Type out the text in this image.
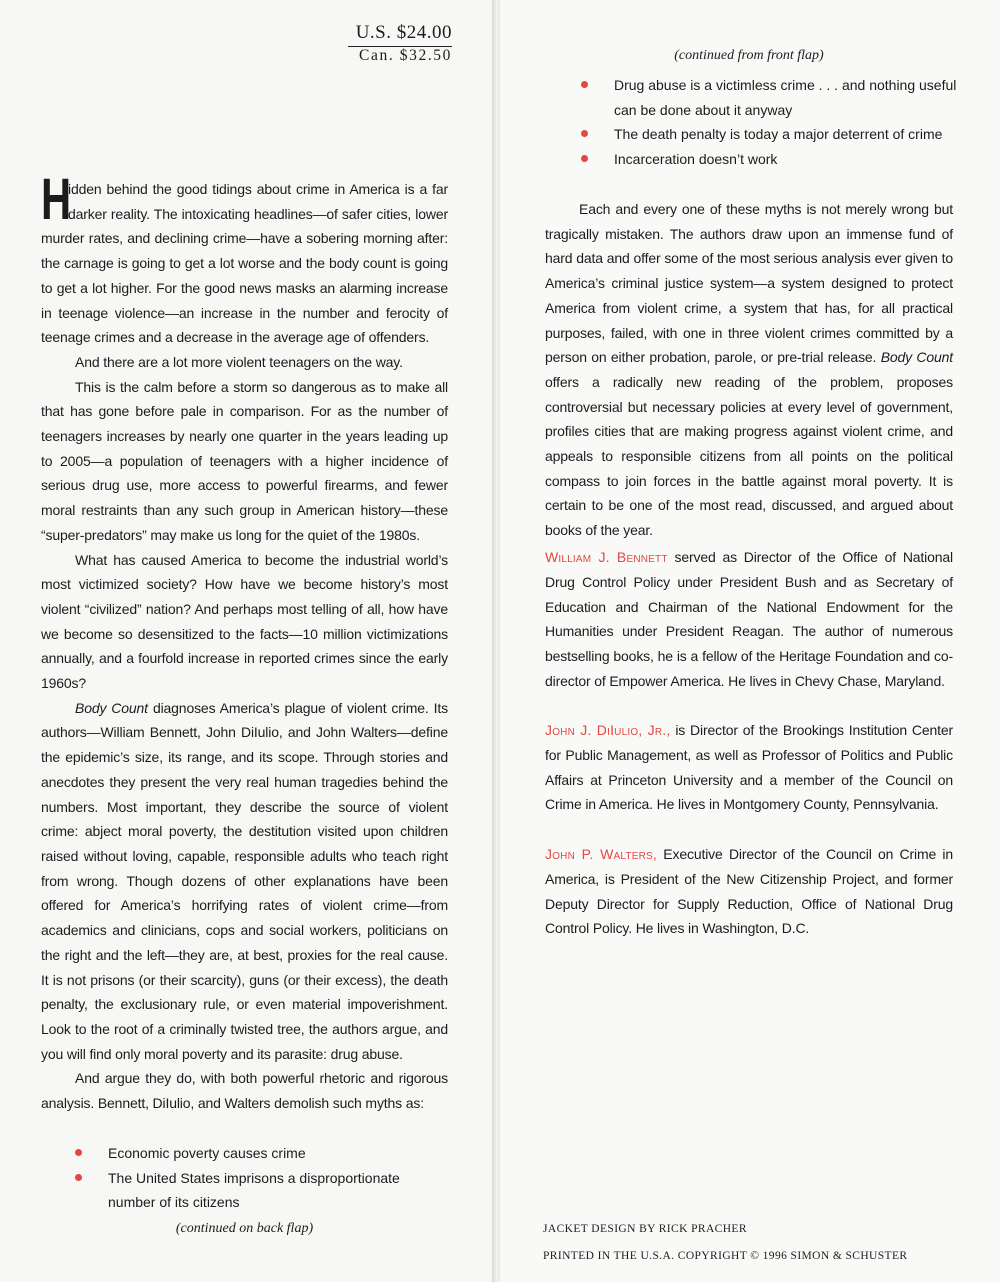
U.S. $24.00
Can. $32.50

H
idden behind the good tidings about crime in America is a far darker reality. The intoxicating headlines—of safer cities, lower murder rates, and declining crime—have a sobering morning after: the carnage is going to get a lot worse and the body count is going to get a lot higher. For the good news masks an alarming increase in teenage violence—an increase in the number and ferocity of teenage crimes and a decrease in the average age of offenders.

And there are a lot more violent teenagers on the way.

This is the calm before a storm so dangerous as to make all that has gone before pale in comparison. For as the number of teenagers increases by nearly one quarter in the years leading up to 2005—a population of teenagers with a higher incidence of serious drug use, more access to powerful firearms, and fewer moral restraints than any such group in American history—these “super-predators” may make us long for the quiet of the 1980s.

What has caused America to become the industrial world’s most victimized society? How have we become history’s most violent “civilized” nation? And perhaps most telling of all, how have we become so desensitized to the facts—10 million victimizations annually, and a fourfold increase in reported crimes since the early 1960s?

Body Count diagnoses America’s plague of violent crime. Its authors—William Bennett, John DiIulio, and John Walters—define the epidemic’s size, its range, and its scope. Through stories and anecdotes they present the very real human tragedies behind the numbers. Most important, they describe the source of violent crime: abject moral poverty, the destitution visited upon children raised without loving, capable, responsible adults who teach right from wrong. Though dozens of other explanations have been offered for America’s horrifying rates of violent crime—from academics and clinicians, cops and social workers, politicians on the right and the left—they are, at best, proxies for the real cause. It is not prisons (or their scarcity), guns (or their excess), the death penalty, the exclusionary rule, or even material impoverishment. Look to the root of a criminally twisted tree, the authors argue, and you will find only moral poverty and its parasite: drug abuse.

And argue they do, with both powerful rhetoric and rigorous analysis. Bennett, DiIulio, and Walters demolish such myths as:

Economic poverty causes crime
The United States imprisons a disproportionate number of its citizens
(continued on back flap)
(continued from front flap)
Drug abuse is a victimless crime . . . and nothing useful can be done about it anyway
The death penalty is today a major deterrent of crime
Incarceration doesn’t work

Each and every one of these myths is not merely wrong but tragically mistaken. The authors draw upon an immense fund of hard data and offer some of the most serious analysis ever given to America’s criminal justice system—a system designed to protect America from violent crime, a system that has, for all practical purposes, failed, with one in three violent crimes committed by a person on either probation, parole, or pre-trial release. Body Count offers a radically new reading of the problem, proposes controversial but necessary policies at every level of government, profiles cities that are making progress against violent crime, and appeals to responsible citizens from all points on the political compass to join forces in the battle against moral poverty. It is certain to be one of the most read, discussed, and argued about books of the year.

William J. Bennett served as Director of the Office of National Drug Control Policy under President Bush and as Secretary of Education and Chairman of the National Endowment for the Humanities under President Reagan. The author of numerous bestselling books, he is a fellow of the Heritage Foundation and co-director of Empower America. He lives in Chevy Chase, Maryland.

John J. DiIulio, Jr., is Director of the Brookings Institution Center for Public Management, as well as Professor of Politics and Public Affairs at Princeton University and a member of the Council on Crime in America. He lives in Montgomery County, Pennsylvania.

John P. Walters, Executive Director of the Council on Crime in America, is President of the New Citizenship Project, and former Deputy Director for Supply Reduction, Office of National Drug Control Policy. He lives in Washington, D.C.

JACKET DESIGN BY RICK PRACHER
PRINTED IN THE U.S.A. COPYRIGHT © 1996 SIMON & SCHUSTER
